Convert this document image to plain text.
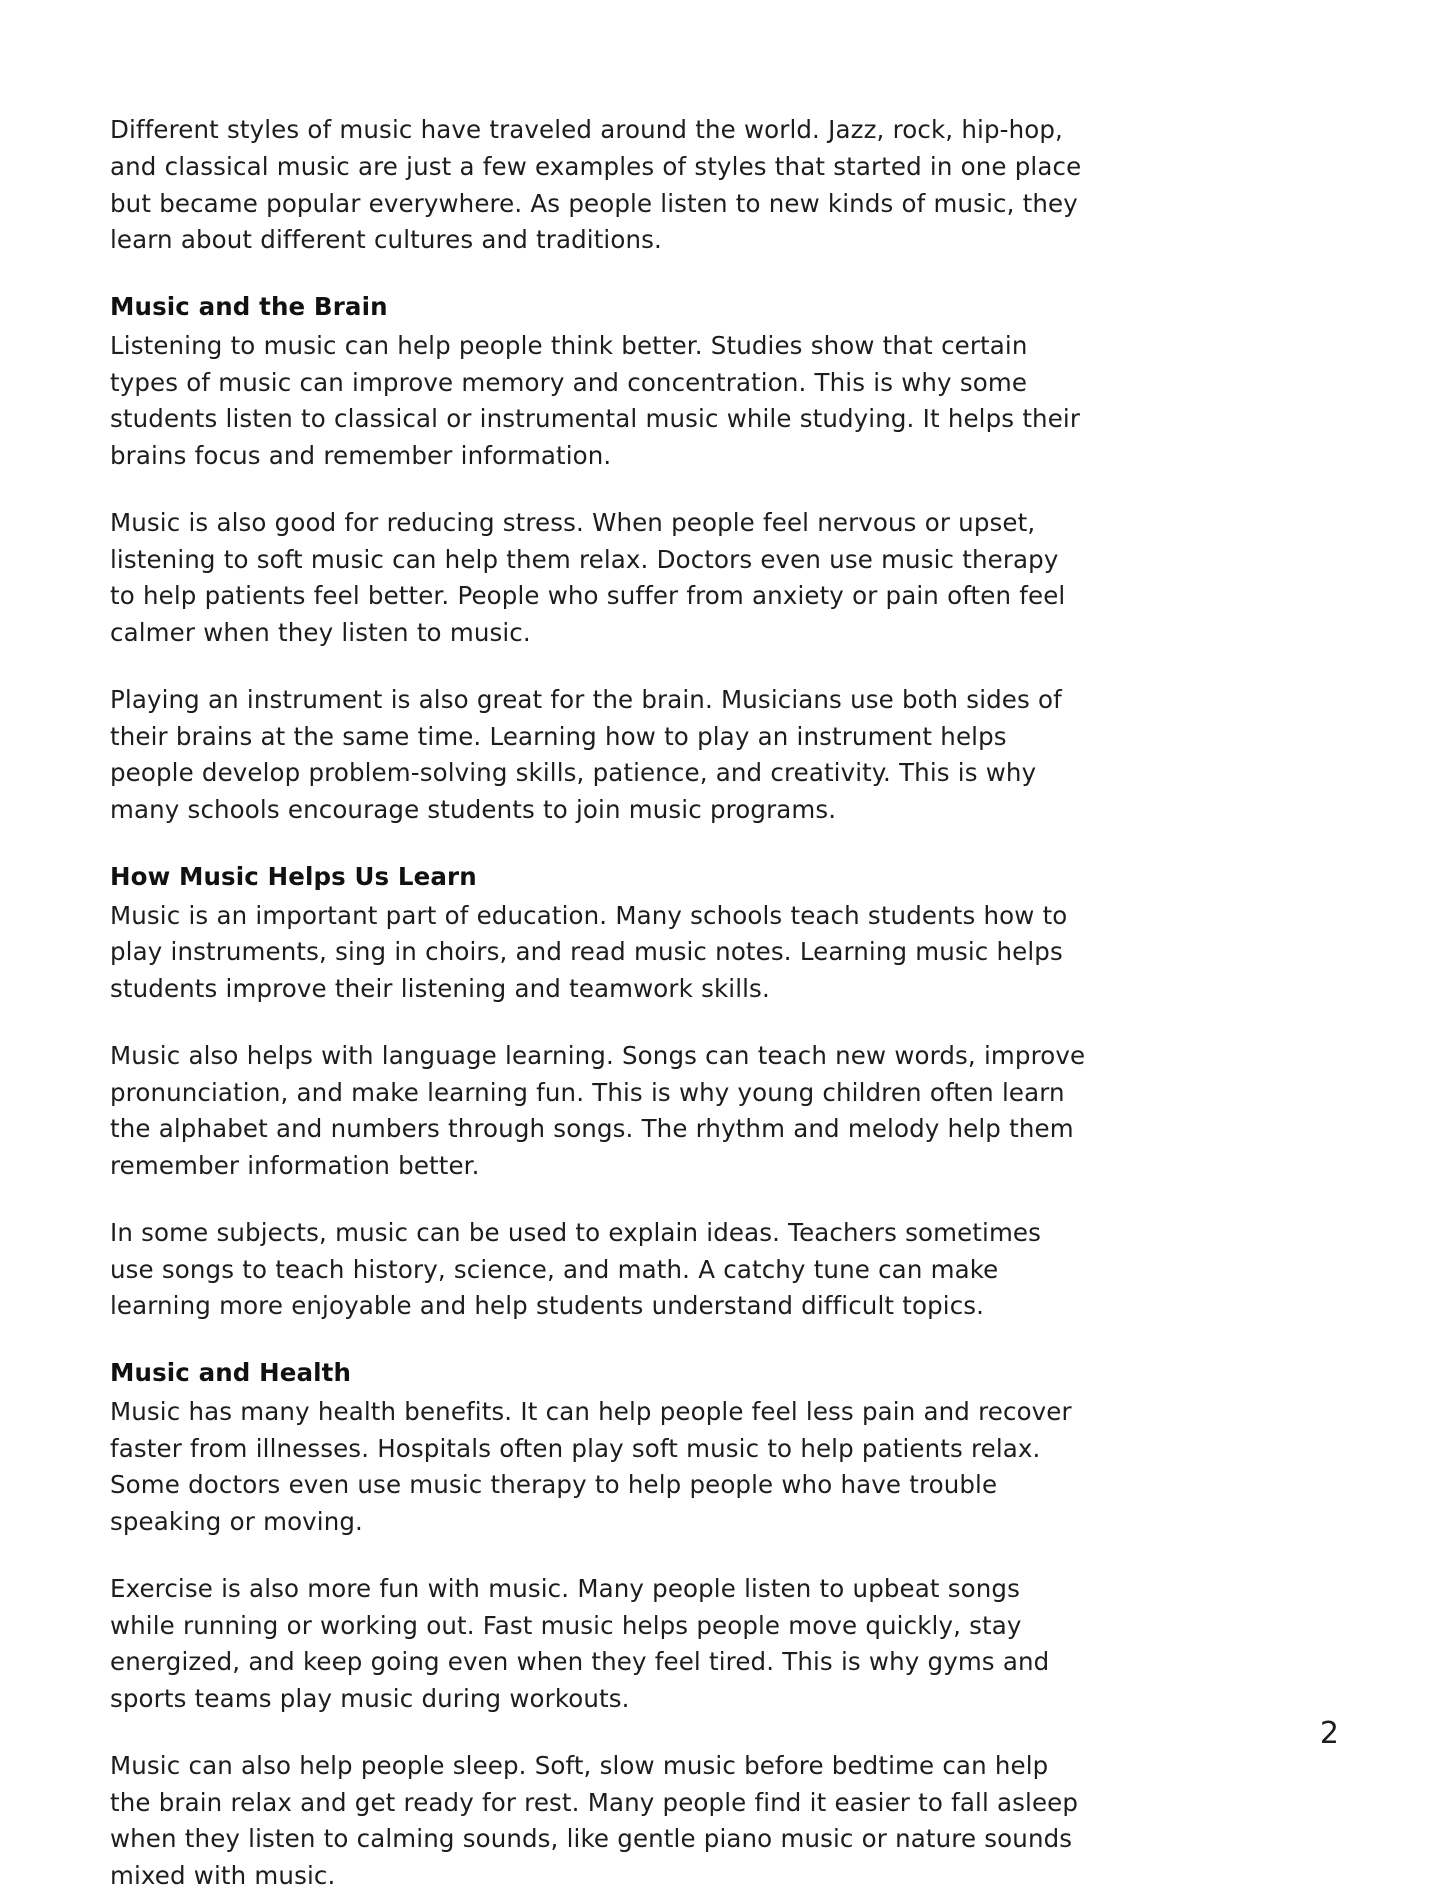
Different styles of music have traveled around the world. Jazz, rock, hip-hop, and classical music are just a few examples of styles that started in one place but became popular everywhere. As people listen to new kinds of music, they learn about different cultures and traditions.

Music and the Brain

Listening to music can help people think better. Studies show that certain types of music can improve memory and concentration. This is why some students listen to classical or instrumental music while studying. It helps their brains focus and remember information.

Music is also good for reducing stress. When people feel nervous or upset, listening to soft music can help them relax. Doctors even use music therapy to help patients feel better. People who suffer from anxiety or pain often feel calmer when they listen to music.

Playing an instrument is also great for the brain. Musicians use both sides of their brains at the same time. Learning how to play an instrument helps people develop problem-solving skills, patience, and creativity. This is why many schools encourage students to join music programs.

How Music Helps Us Learn

Music is an important part of education. Many schools teach students how to play instruments, sing in choirs, and read music notes. Learning music helps students improve their listening and teamwork skills.

Music also helps with language learning. Songs can teach new words, improve pronunciation, and make learning fun. This is why young children often learn the alphabet and numbers through songs. The rhythm and melody help them remember information better.

In some subjects, music can be used to explain ideas. Teachers sometimes use songs to teach history, science, and math. A catchy tune can make learning more enjoyable and help students understand difficult topics.

Music and Health

Music has many health benefits. It can help people feel less pain and recover faster from illnesses. Hospitals often play soft music to help patients relax. Some doctors even use music therapy to help people who have trouble speaking or moving.

Exercise is also more fun with music. Many people listen to upbeat songs while running or working out. Fast music helps people move quickly, stay energized, and keep going even when they feel tired. This is why gyms and sports teams play music during workouts.

Music can also help people sleep. Soft, slow music before bedtime can help the brain relax and get ready for rest. Many people find it easier to fall asleep when they listen to calming sounds, like gentle piano music or nature sounds mixed with music.

2
